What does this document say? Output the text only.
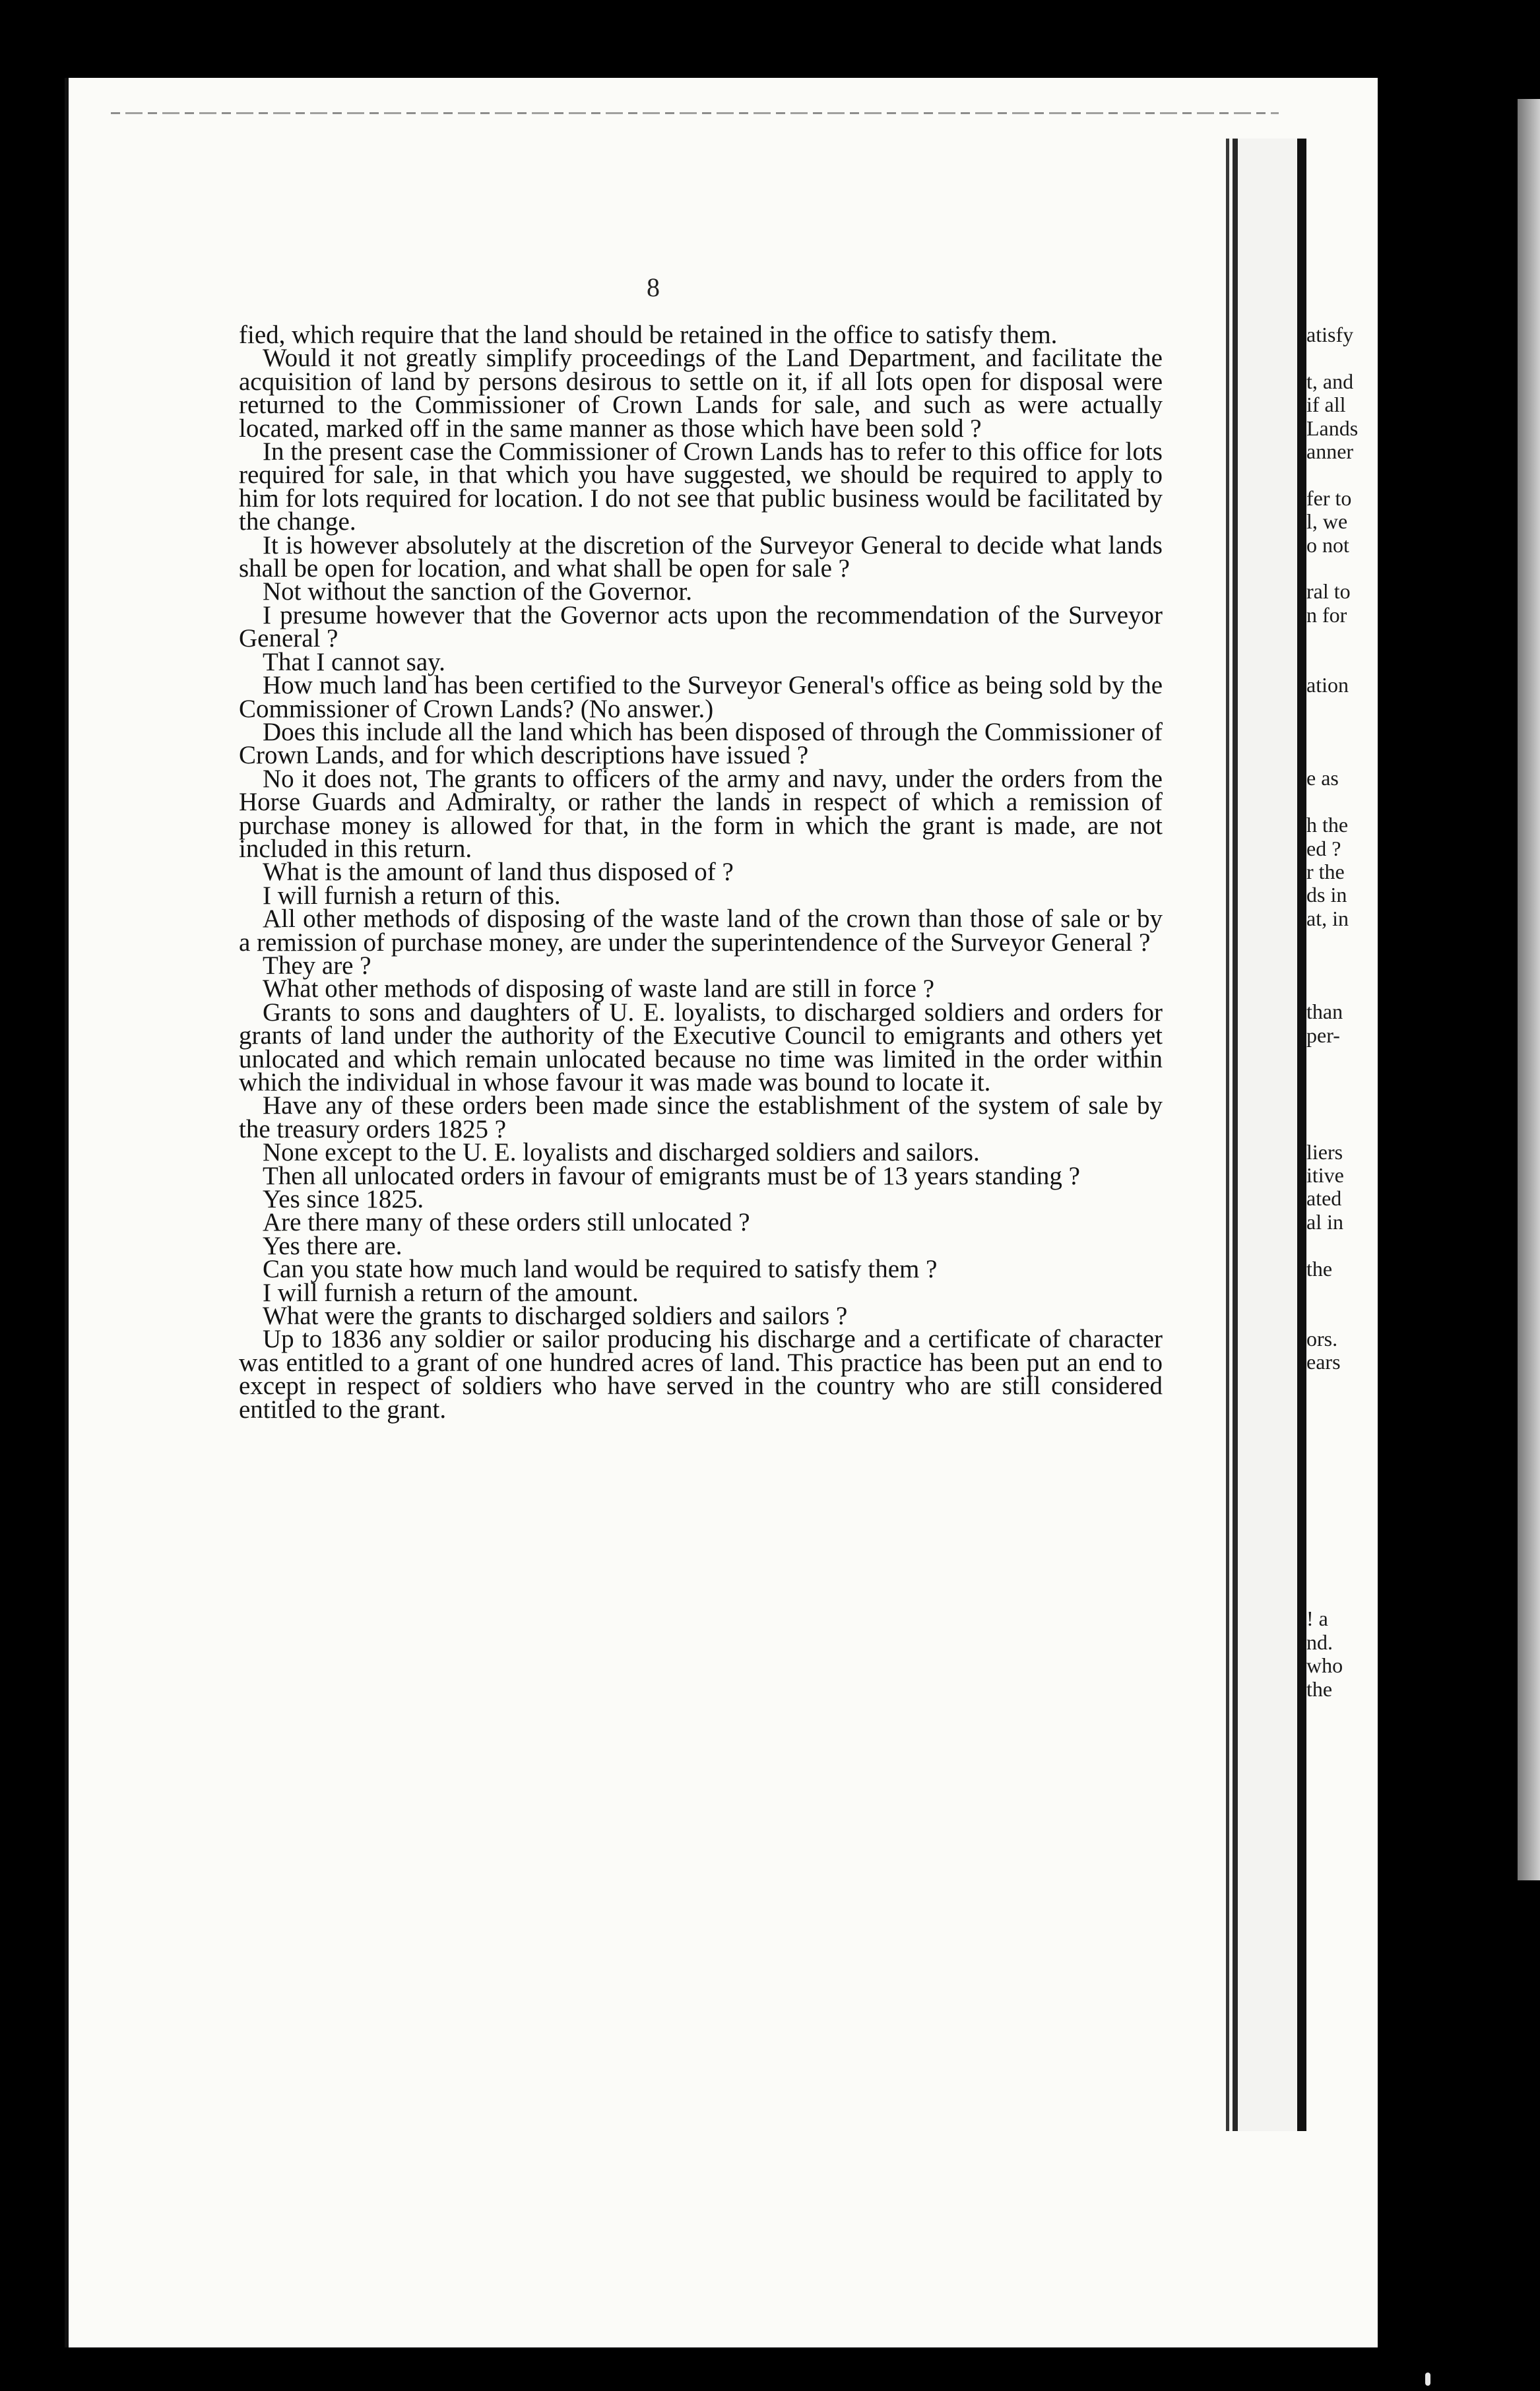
8

fied, which require that the land should be retained in the office to satisfy them.

Would it not greatly simplify proceedings of the Land Department, and facilitate the acquisition of land by persons desirous to settle on it, if all lots open for disposal were returned to the Commissioner of Crown Lands for sale, and such as were actually located, marked off in the same manner as those which have been sold ?

In the present case the Commissioner of Crown Lands has to refer to this office for lots required for sale, in that which you have suggested, we should be required to apply to him for lots required for location. I do not see that public business would be facilitated by the change.

It is however absolutely at the discretion of the Surveyor General to decide what lands shall be open for location, and what shall be open for sale ?

Not without the sanction of the Governor.

I presume however that the Governor acts upon the recommendation of the Surveyor General ?

That I cannot say.

How much land has been certified to the Surveyor General's office as being sold by the Commissioner of Crown Lands? (No answer.)

Does this include all the land which has been disposed of through the Commissioner of Crown Lands, and for which descriptions have issued ?

No it does not, The grants to officers of the army and navy, under the orders from the Horse Guards and Admiralty, or rather the lands in respect of which a remission of purchase money is allowed for that, in the form in which the grant is made, are not included in this return.

What is the amount of land thus disposed of ?

I will furnish a return of this.

All other methods of disposing of the waste land of the crown than those of sale or by a remission of purchase money, are under the superintendence of the Surveyor General ?

They are ?

What other methods of disposing of waste land are still in force ?

Grants to sons and daughters of U. E. loyalists, to discharged soldiers and orders for grants of land under the authority of the Executive Council to emigrants and others yet unlocated and which remain unlocated because no time was limited in the order within which the individual in whose favour it was made was bound to locate it.

Have any of these orders been made since the establishment of the system of sale by the treasury orders 1825 ?

None except to the U. E. loyalists and discharged soldiers and sailors.

Then all unlocated orders in favour of emigrants must be of 13 years standing ?

Yes since 1825.

Are there many of these orders still unlocated ?

Yes there are.

Can you state how much land would be required to satisfy them ?

I will furnish a return of the amount.

What were the grants to discharged soldiers and sailors ?

Up to 1836 any soldier or sailor producing his discharge and a certificate of character was entitled to a grant of one hundred acres of land. This practice has been put an end to except in respect of soldiers who have served in the country who are still considered entitled to the grant.

atisfy
t, and
if all
Lands
anner
fer to
l, we
o not
ral to
n for
ation
e as
h the
ed ?
r the
ds in
at, in
than
per-
liers
itive
ated
al in
the
ors.
ears
! a
nd.
who
the
